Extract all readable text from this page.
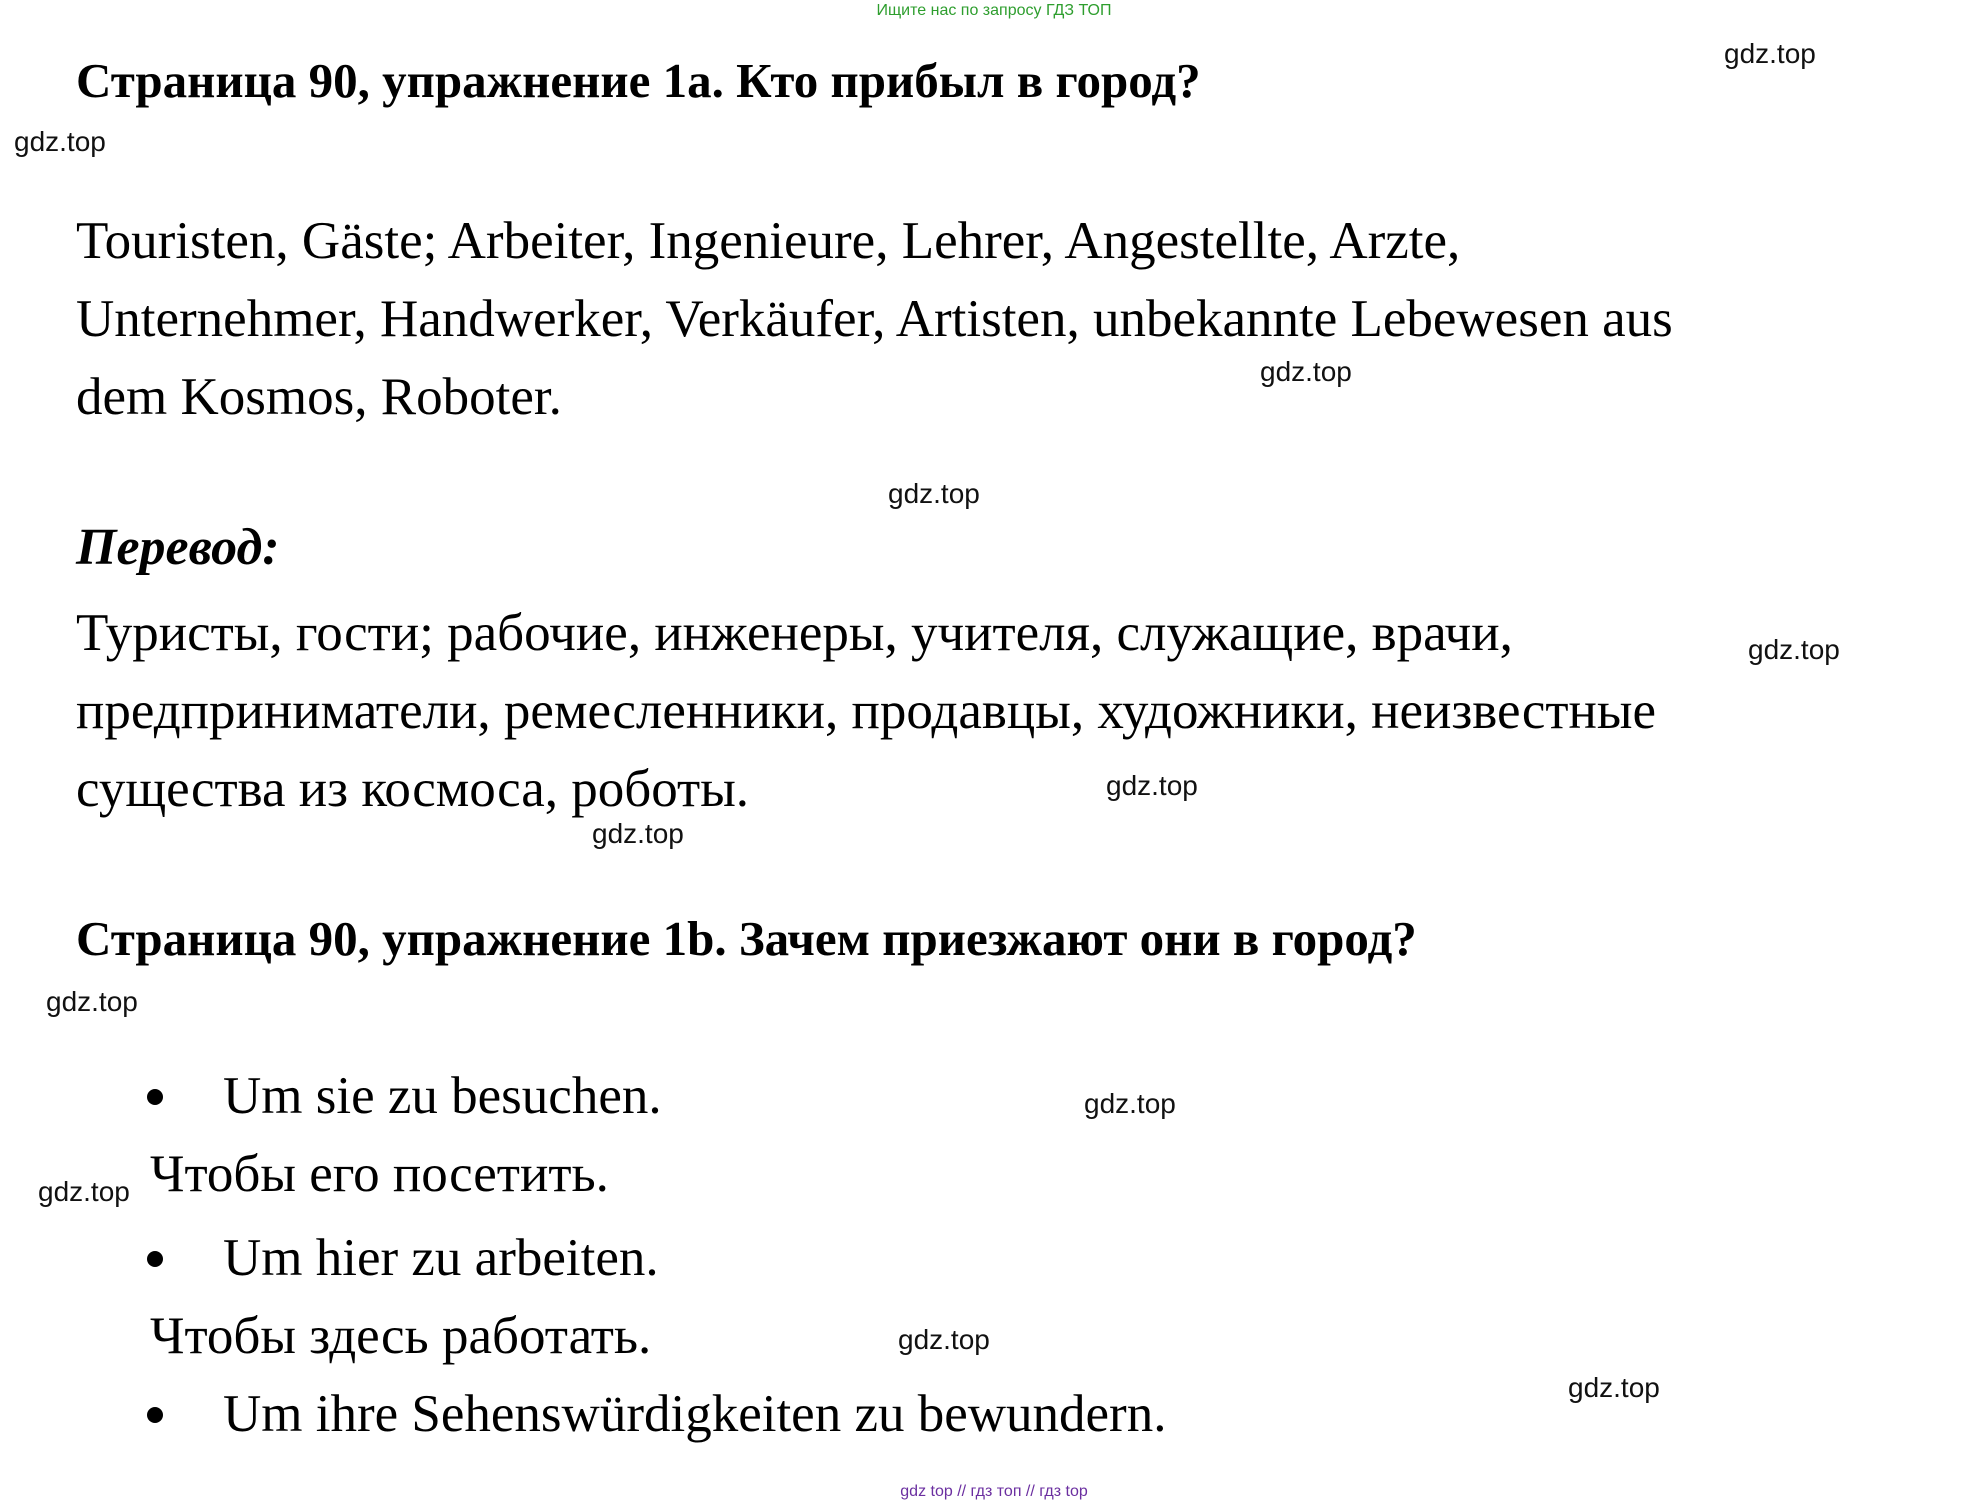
Ищите нас по запросу ГДЗ ТОП
Страница 90, упражнение 1a. Кто прибыл в город?
Touristen, Gäste; Arbeiter, Ingenieure, Lehrer, Angestellte, Arzte,
Unternehmer, Handwerker, Verkäufer, Artisten, unbekannte Lebewesen aus
dem Kosmos, Roboter.
Перевод:
Туристы, гости; рабочие, инженеры, учителя, служащие, врачи,
предприниматели, ремесленники, продавцы, художники, неизвестные
существа из космоса, роботы.
Страница 90, упражнение 1b. Зачем приезжают они в город?
Um sie zu besuchen.
Чтобы его посетить.
Um hier zu arbeiten.
Чтобы здесь работать.
Um ihre Sehenswürdigkeiten zu bewundern.
gdz.top
gdz.top
gdz.top
gdz.top
gdz.top
gdz.top
gdz.top
gdz.top
gdz.top
gdz.top
gdz.top
gdz.top
gdz top // гдз топ // гдз top
